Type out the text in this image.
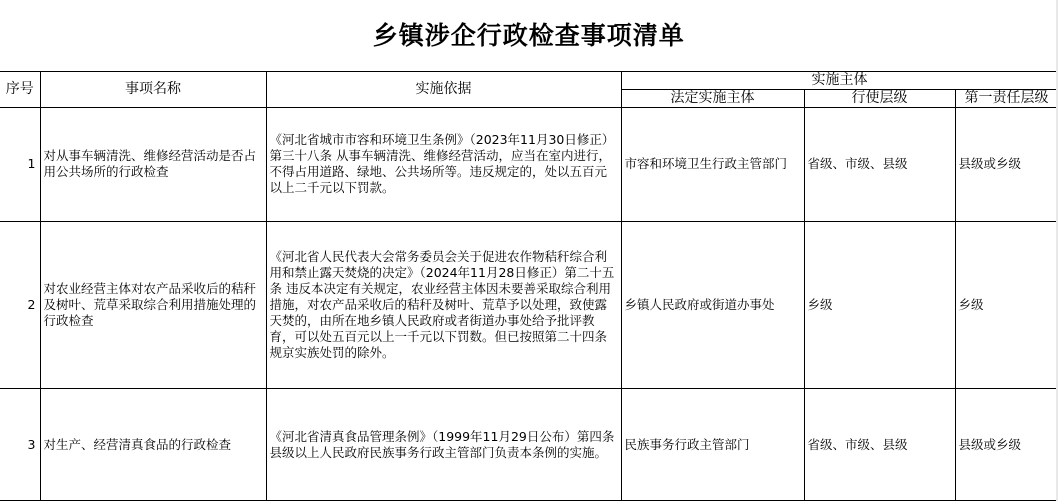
乡镇涉企行政检查事项清单					
序号	事项名称	实施依据	实施主体		
			法定实施主体	行使层级	第一责任层级
1	对从事车辆清洗、维修经营活动是否占用公共场所的行政检查	《河北省城市市容和环境卫生条例》（2023年11月30日修正）第三十八条 从事车辆清洗、维修经营活动，应当在室内进行，不得占用道路、绿地、公共场所等。违反规定的，处以五百元以上二千元以下罚款。	市容和环境卫生行政主管部门	省级、市级、县级	县级或乡级
2	对农业经营主体对农产品采收后的秸秆及树叶、荒草采取综合利用措施处理的行政检查	《河北省人民代表大会常务委员会关于促进农作物秸秆综合利用和禁止露天焚烧的决定》（2024年11月28日修正）第二十五条 违反本决定有关规定，农业经营主体因未要善采取综合利用措施，对农产品采收后的秸秆及树叶、荒草予以处理，致使露天焚的，由所在地乡镇人民政府或者街道办事处给予批评教育，可以处五百元以上一千元以下罚数。但已按照第二十四条规京实族处罚的除外。	乡镇人民政府或街道办事处	乡级	乡级
3	对生产、经营清真食品的行政检查	《河北省清真食品管理条例》（1999年11月29日公布）第四条县级以上人民政府民族事务行政主管部门负责本条例的实施。	民族事务行政主管部门	省级、市级、县级	县级或乡级
